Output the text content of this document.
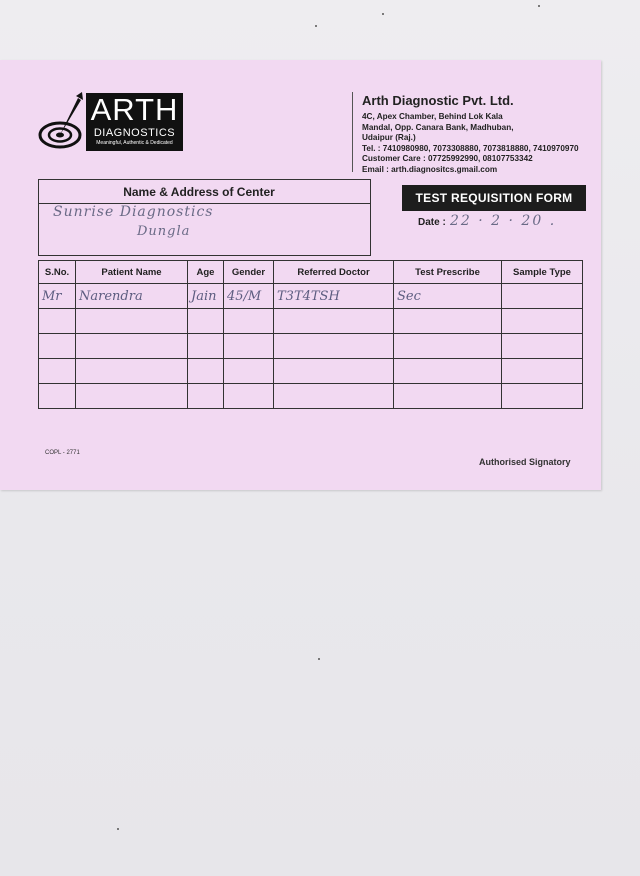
ARTH
DIAGNOSTICS
Meaningful, Authentic & Dedicated
Arth Diagnostic Pvt. Ltd.
4C, Apex Chamber, Behind Lok Kala
Mandal, Opp. Canara Bank, Madhuban,
Udaipur (Raj.)
Tel. : 7410980980, 7073308880, 7073818880, 7410970970
Customer Care : 07725992990, 08107753342
Email : arth.diagnositcs.gmail.com
Name & Address of Center
Sunrise Diagnostics
Dungla
TEST REQUISITION FORM
Date : 22 · 2 · 20 .
S.No.	Patient Name	Age	Gender	Referred Doctor	Test Prescribe	Sample Type
Mr	Narendra	Jain	45/M	T3T4TSH	Sec	

COPL - 2771
Authorised Signatory
